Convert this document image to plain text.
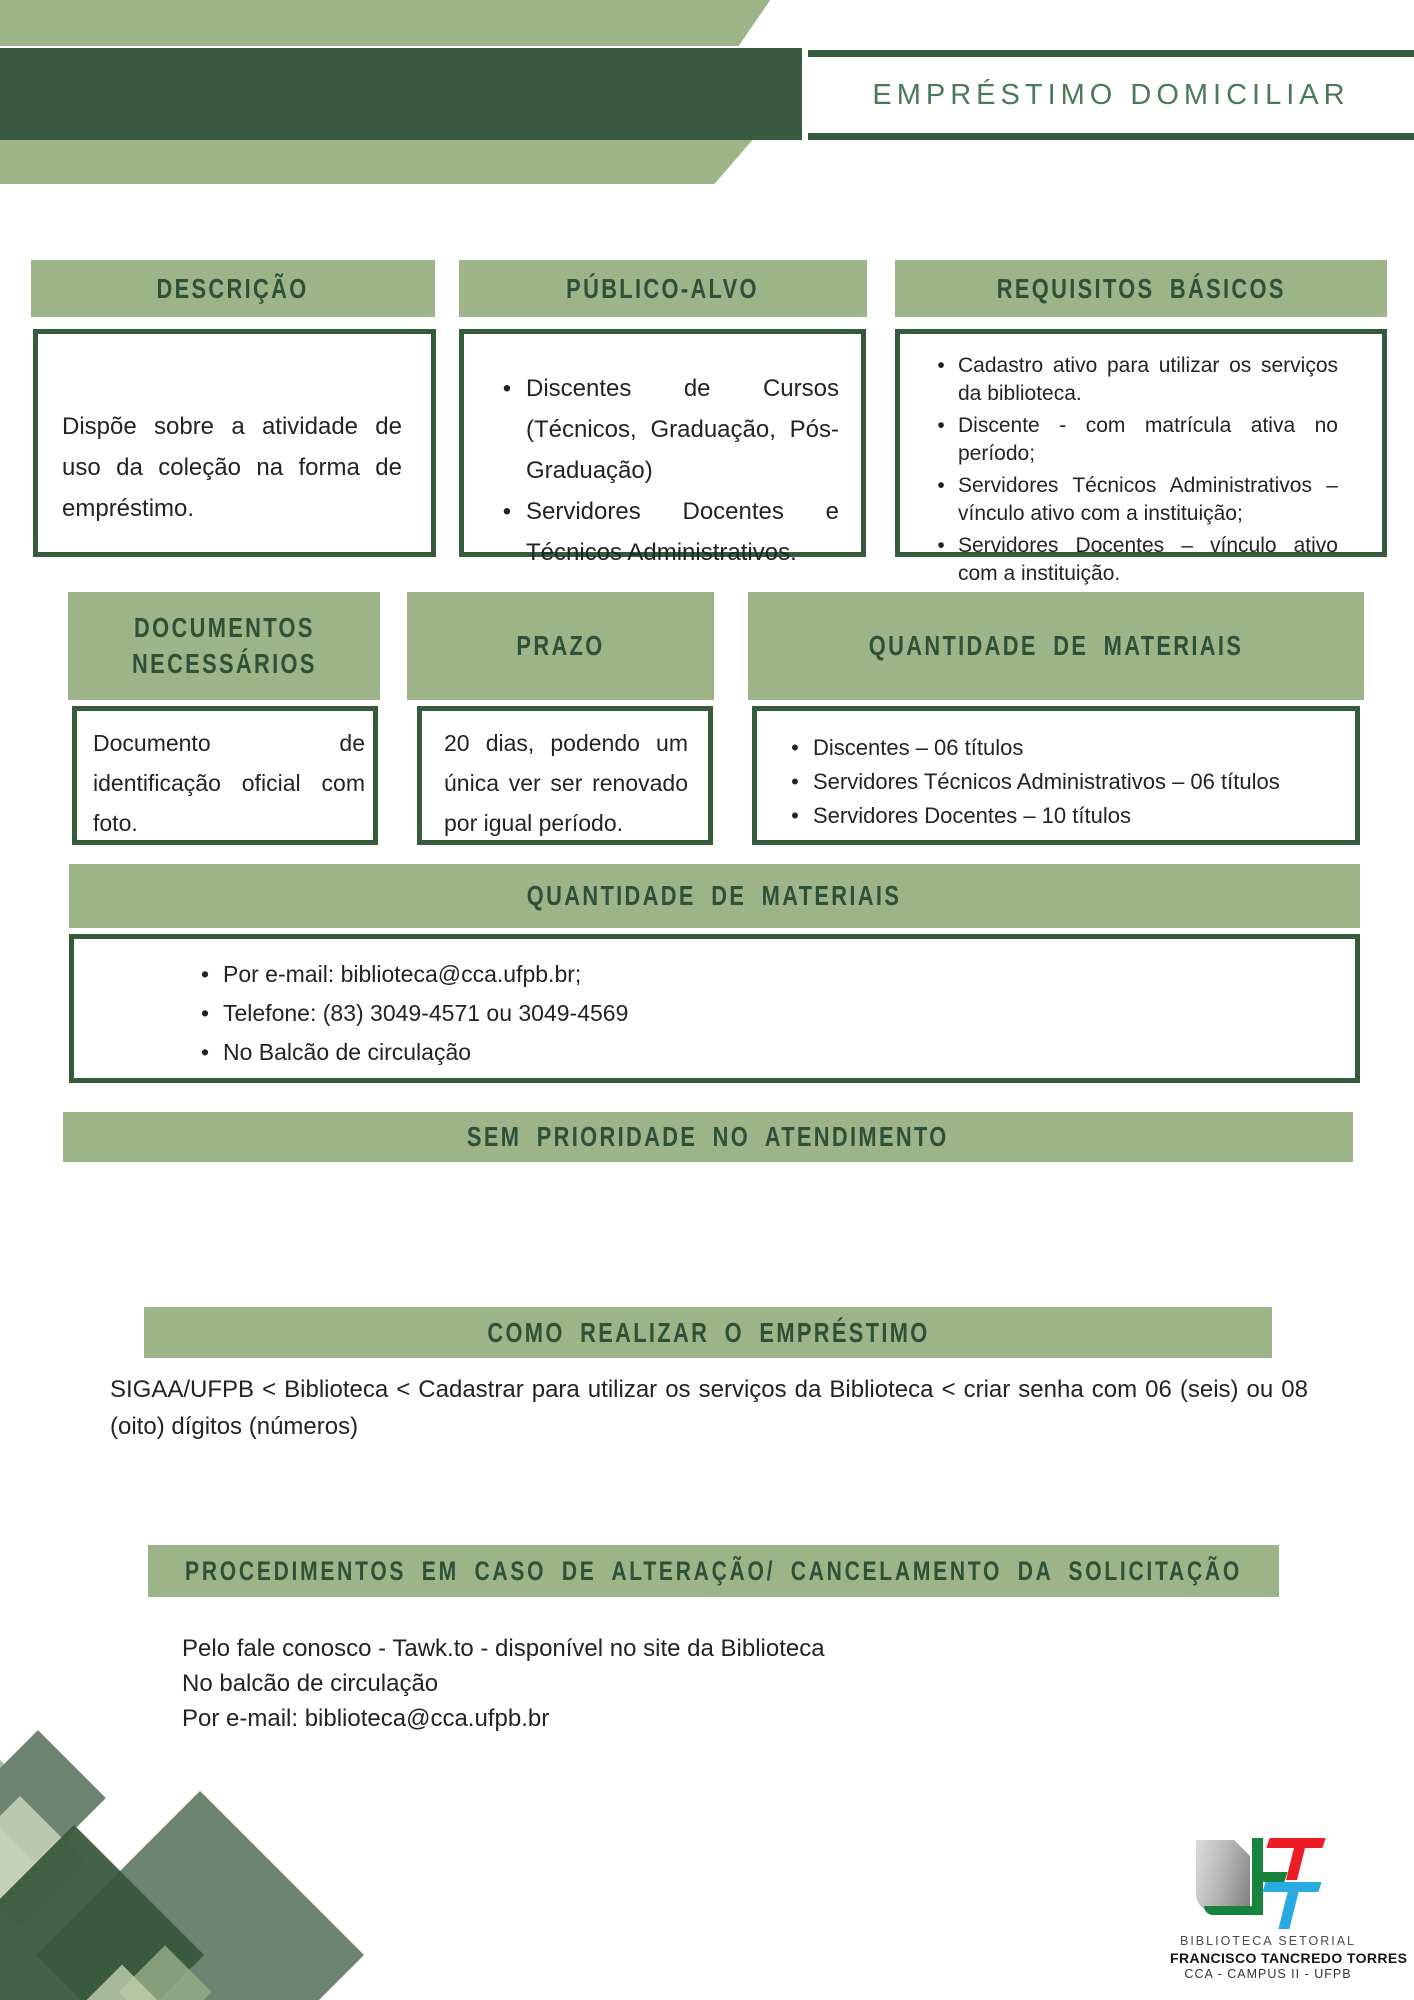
EMPRÉSTIMO DOMICILIAR
DESCRIÇÃO
Dispõe sobre a atividade de uso da coleção na forma de empréstimo.
PÚBLICO-ALVO
•
Discentes de Cursos (Técnicos, Graduação, Pós-Graduação)
•
Servidores Docentes e Técnicos Administrativos.
REQUISITOS BÁSICOS
•
Cadastro ativo para utilizar os serviços da biblioteca.
•
Discente - com matrícula ativa no período;
•
Servidores Técnicos Administrativos – vínculo ativo com a instituição;
•
Servidores Docentes – vínculo ativo com a instituição.
DOCUMENTOS
NECESSÁRIOS
Documento de identificação oficial com foto.
PRAZO
20 dias, podendo um única ver ser renovado por igual período.
QUANTIDADE DE MATERIAIS
•
Discentes – 06 títulos
•
Servidores Técnicos Administrativos – 06 títulos
•
Servidores Docentes – 10 títulos
QUANTIDADE DE MATERIAIS
•
Por e-mail: biblioteca@cca.ufpb.br;
•
Telefone: (83) 3049-4571 ou 3049-4569
•
No Balcão de circulação
SEM PRIORIDADE NO ATENDIMENTO
COMO REALIZAR O EMPRÉSTIMO
SIGAA/UFPB < Biblioteca < Cadastrar para utilizar os serviços da Biblioteca < criar senha com 06 (seis) ou 08 (oito) dígitos (números)
PROCEDIMENTOS EM CASO DE ALTERAÇÃO/ CANCELAMENTO DA SOLICITAÇÃO
Pelo fale conosco - Tawk.to - disponível no site da Biblioteca
No balcão de circulação
Por e-mail: biblioteca@cca.ufpb.br
BIBLIOTECA SETORIAL
FRANCISCO TANCREDO TORRES
CCA - CAMPUS II - UFPB
